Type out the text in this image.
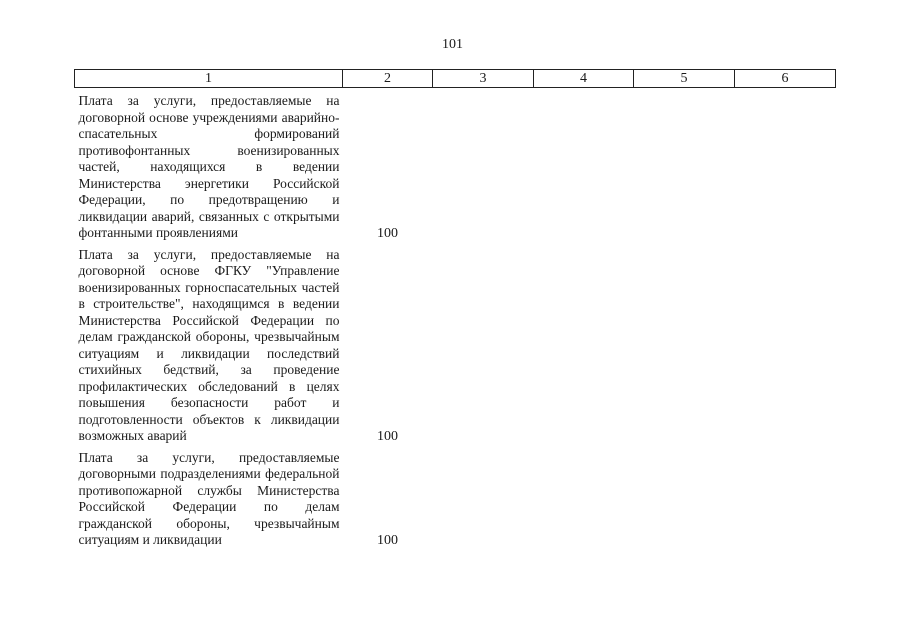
101
1	2	3	4	5	6
Плата за услуги, предоставляемые на договорной основе учреждениями аварийно-спасательных формирований противофонтанных военизированных частей, находящихся в ведении Министерства энергетики Российской Федерации, по предотвращению и ликвидации аварий, связанных с открытыми фонтанными проявлениями	100				
Плата за услуги, предоставляемые на договорной основе ФГКУ "Управление военизированных горноспасательных частей в строительстве", находящимся в ведении Министерства Российской Федерации по делам гражданской обороны, чрезвычайным ситуациям и ликвидации последствий стихийных бедствий, за проведение профилактических обследований в целях повышения безопасности работ и подготовленности объектов к ликвидации возможных аварий	100				
Плата за услуги, предоставляемые договорными подразделениями федеральной противопожарной службы Министерства Российской Федерации по делам гражданской обороны, чрезвычайным ситуациям и ликвидации	100				
